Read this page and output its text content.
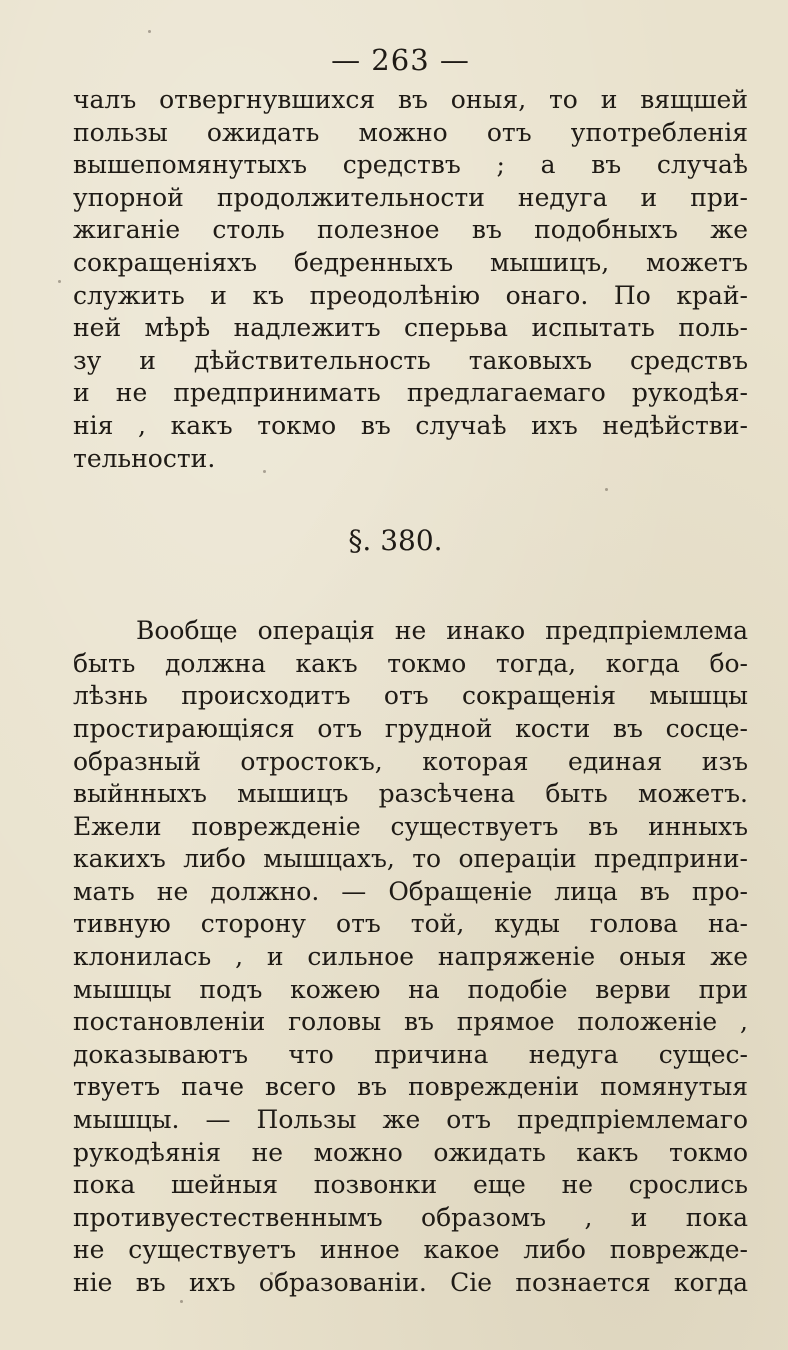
— 263 —
чалъ отвергнувшихся въ оныя, то и вящшей
пользы ожидать можно отъ употребленія
вышепомянутыхъ средствъ ; а въ случаѣ
упорной продолжительности недуга и при-
жиганіе столь полезное въ подобныхъ же
сокращеніяхъ бедренныхъ мышицъ, можетъ
служить и къ преодолѣнію онаго. По край-
ней мѣрѣ надлежитъ сперьва испытать поль-
зу и дѣйствительность таковыхъ средствъ
и не предпринимать предлагаемаго рукодѣя-
нія , какъ токмо въ случаѣ ихъ недѣйстви-
тельности.
§. 380.
Вообще операція не инако предпріемлема
быть должна какъ токмо тогда, когда бо-
лѣзнь происходитъ отъ сокращенія мышцы
простирающіяся отъ грудной кости въ сосце-
образный отростокъ, которая единая изъ
выйнныхъ мышицъ разсѣчена быть можетъ.
Ежели поврежденіе существуетъ въ инныхъ
какихъ либо мышцахъ, то операціи предприни-
мать не должно. — Обращеніе лица въ про-
тивную сторону отъ той, куды голова на-
клонилась , и сильное напряженіе оныя же
мышцы подъ кожею на подобіе верви при
постановленіи головы въ прямое положеніе ,
доказываютъ что причина недуга сущес-
твуетъ паче всего въ поврежденіи помянутыя
мышцы. — Пользы же отъ предпріемлемаго
рукодѣянія не можно ожидать какъ токмо
пока шейныя позвонки еще не срослись
противуестественнымъ образомъ , и пока
не существуетъ инное какое либо поврежде-
ніе въ ихъ образованіи. Сіе познается когда
